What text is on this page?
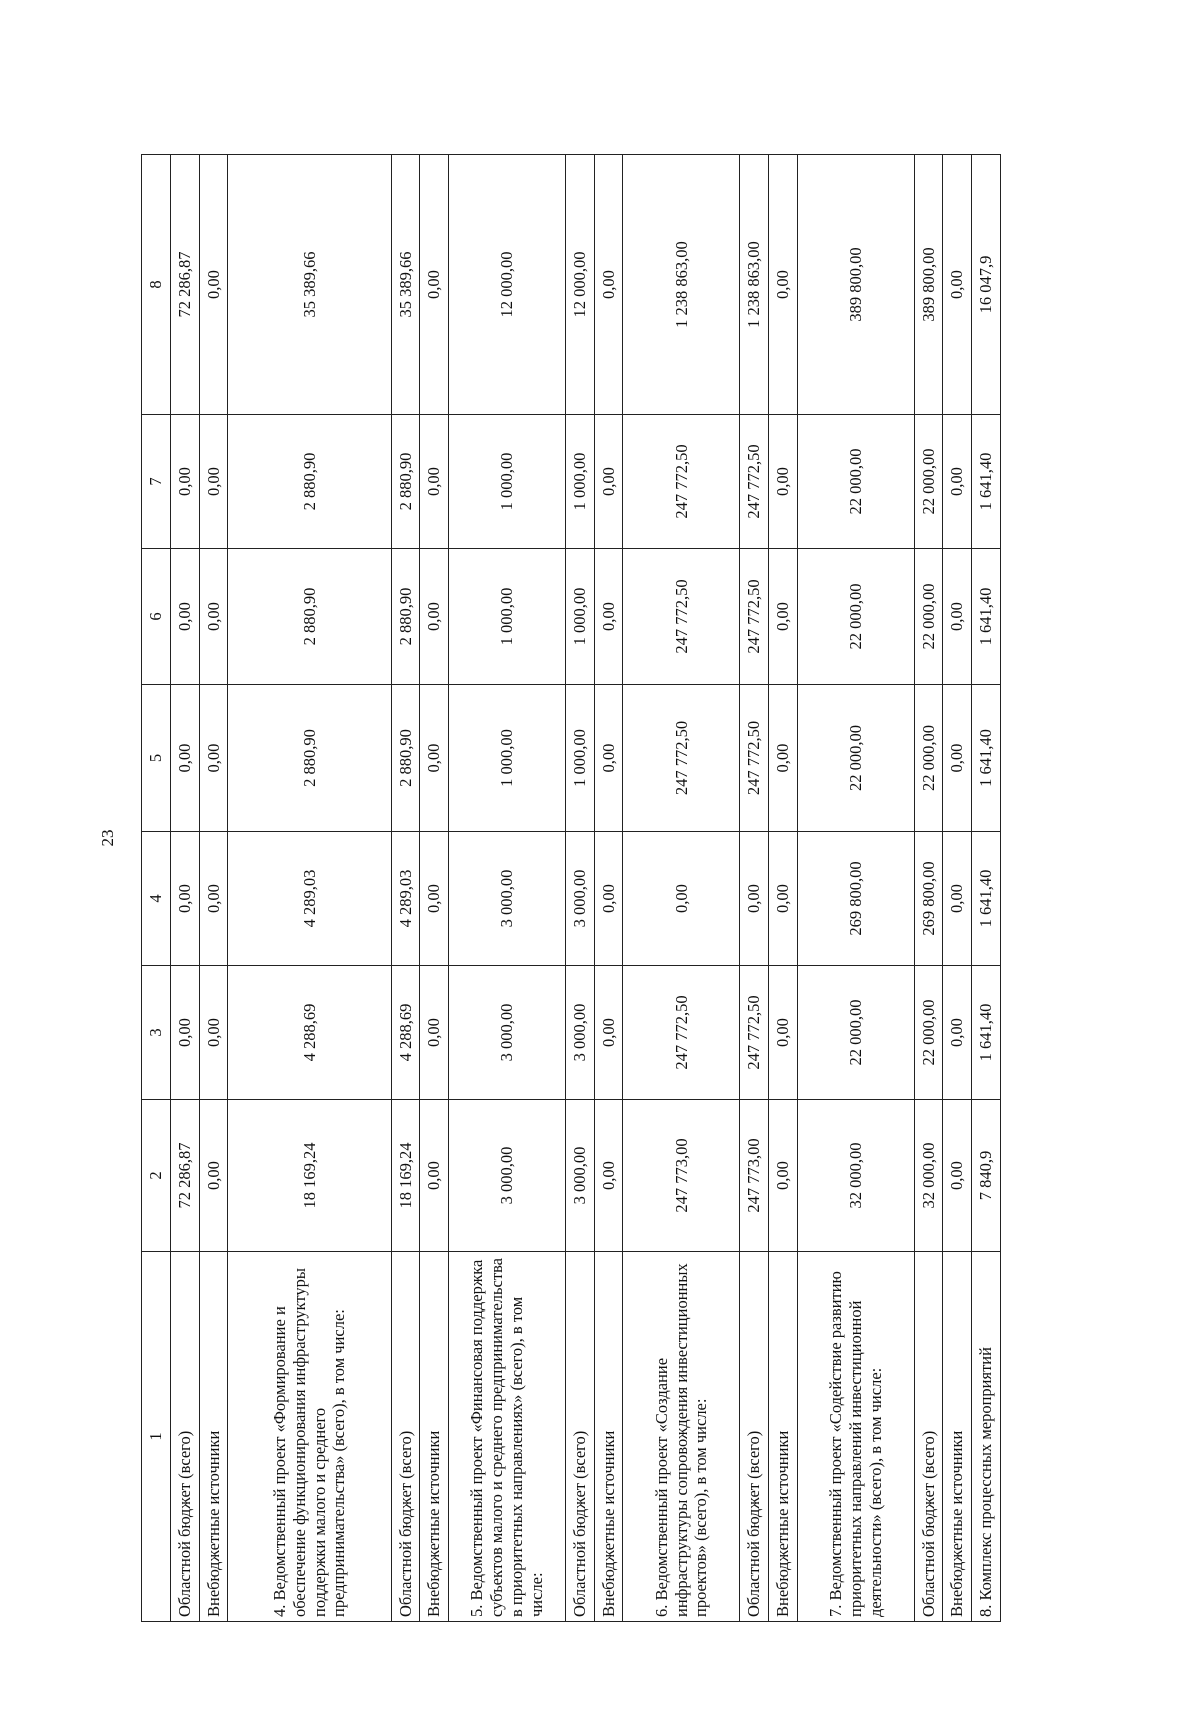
23
1	2	3	4	5	6	7	8
Областной бюджет (всего)	72 286,87	0,00	0,00	0,00	0,00	0,00	72 286,87
Внебюджетные источники	0,00	0,00	0,00	0,00	0,00	0,00	0,00
4. Ведомственный проект «Формирование и обеспечение функционирования инфраструктуры поддержки малого и среднего предпринимательства» (всего), в том числе:	18 169,24	4 288,69	4 289,03	2 880,90	2 880,90	2 880,90	35 389,66
Областной бюджет (всего)	18 169,24	4 288,69	4 289,03	2 880,90	2 880,90	2 880,90	35 389,66
Внебюджетные источники	0,00	0,00	0,00	0,00	0,00	0,00	0,00
5. Ведомственный проект «Финансовая поддержка субъектов малого и среднего предпринимательства в приоритетных направлениях» (всего), в том числе:	3 000,00	3 000,00	3 000,00	1 000,00	1 000,00	1 000,00	12 000,00
Областной бюджет (всего)	3 000,00	3 000,00	3 000,00	1 000,00	1 000,00	1 000,00	12 000,00
Внебюджетные источники	0,00	0,00	0,00	0,00	0,00	0,00	0,00
6. Ведомственный проект «Создание инфраструктуры сопровождения инвестиционных проектов» (всего), в том числе:	247 773,00	247 772,50	0,00	247 772,50	247 772,50	247 772,50	1 238 863,00
Областной бюджет (всего)	247 773,00	247 772,50	0,00	247 772,50	247 772,50	247 772,50	1 238 863,00
Внебюджетные источники	0,00	0,00	0,00	0,00	0,00	0,00	0,00
7. Ведомственный проект «Содействие развитию приоритетных направлений инвестиционной деятельности» (всего), в том числе:	32 000,00	22 000,00	269 800,00	22 000,00	22 000,00	22 000,00	389 800,00
Областной бюджет (всего)	32 000,00	22 000,00	269 800,00	22 000,00	22 000,00	22 000,00	389 800,00
Внебюджетные источники	0,00	0,00	0,00	0,00	0,00	0,00	0,00
8. Комплекс процессных мероприятий	7 840,9	1 641,40	1 641,40	1 641,40	1 641,40	1 641,40	16 047,9
